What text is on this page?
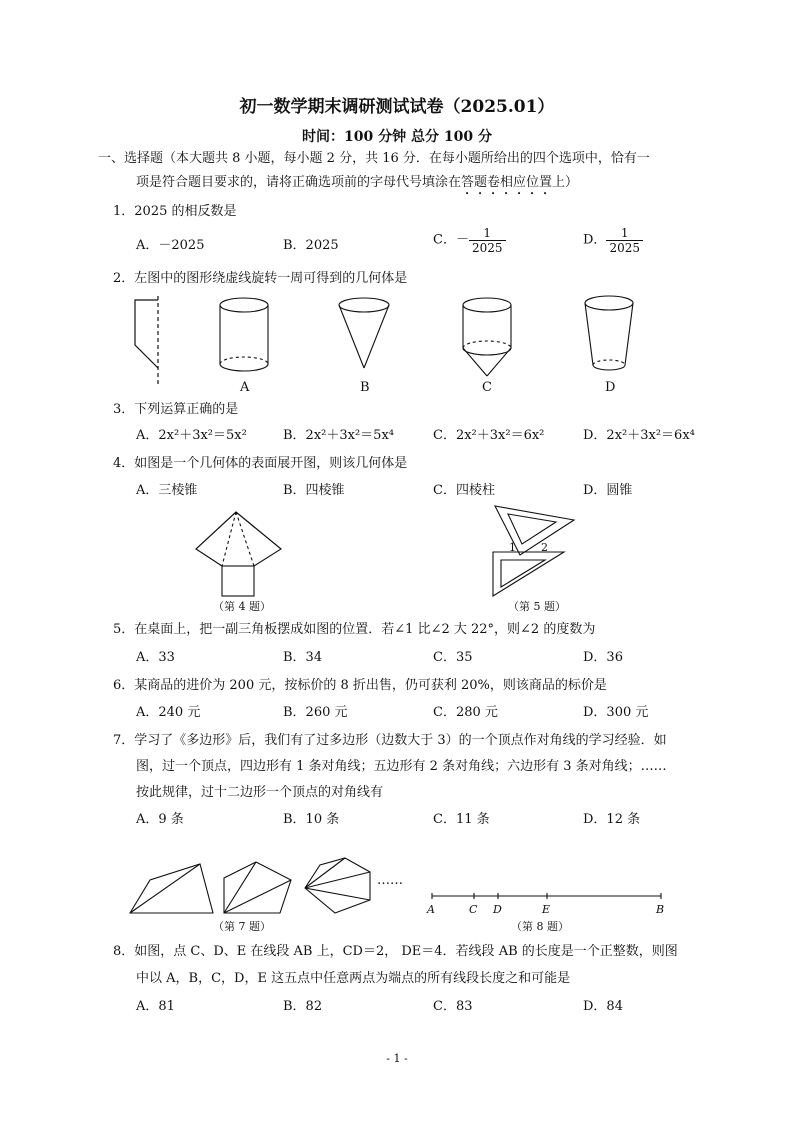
初一数学期末调研测试试卷（2025.01）
时间：100 分钟 总分 100 分
一、选择题（本大题共 8 小题，每小题 2 分，共 16 分．在每小题所给出的四个选项中，恰有一
项是符合题目要求的，请将正确选项前的字母代号填涂在答题卷相应位置上）
1．2025 的相反数是
A．－2025	B．2025	C．－ $\frac{1}{2025}$	D． $\frac{1}{2025}$
2．左图中的图形绕虚线旋转一周可得到的几何体是
A	B	C	D
3．下列运算正确的是
A．2x²＋3x²＝5x²	B．2x²＋3x²＝5x⁴	C．2x²＋3x²＝6x²	D．2x²＋3x²＝6x⁴
4．如图是一个几何体的表面展开图，则该几何体是
A．三棱锥	B．四棱锥	C．四棱柱	D．圆锥
（第 4 题）
1 2
（第 5 题）
5．在桌面上，把一副三角板摆成如图的位置．若∠1 比∠2 大 22°，则∠2 的度数为
A．33	B．34	C．35	D．36
6．某商品的进价为 200 元，按标价的 8 折出售，仍可获利 20%，则该商品的标价是
A．240 元	B．260 元	C．280 元	D．300 元
7．学习了《多边形》后，我们有了过多边形（边数大于 3）的一个顶点作对角线的学习经验．如
图，过一个顶点，四边形有 1 条对角线；五边形有 2 条对角线；六边形有 3 条对角线；……
按此规律，过十二边形一个顶点的对角线有
A．9 条	B．10 条	C．11 条	D．12 条
……
（第 7 题）
A	C D	E	B
（第 8 题）
8．如图，点 C、D、E 在线段 AB 上，CD＝2， DE＝4．若线段 AB 的长度是一个正整数，则图
中以 A，B，C，D，E 这五点中任意两点为端点的所有线段长度之和可能是
A．81	B．82	C．83	D．84
- 1 -
